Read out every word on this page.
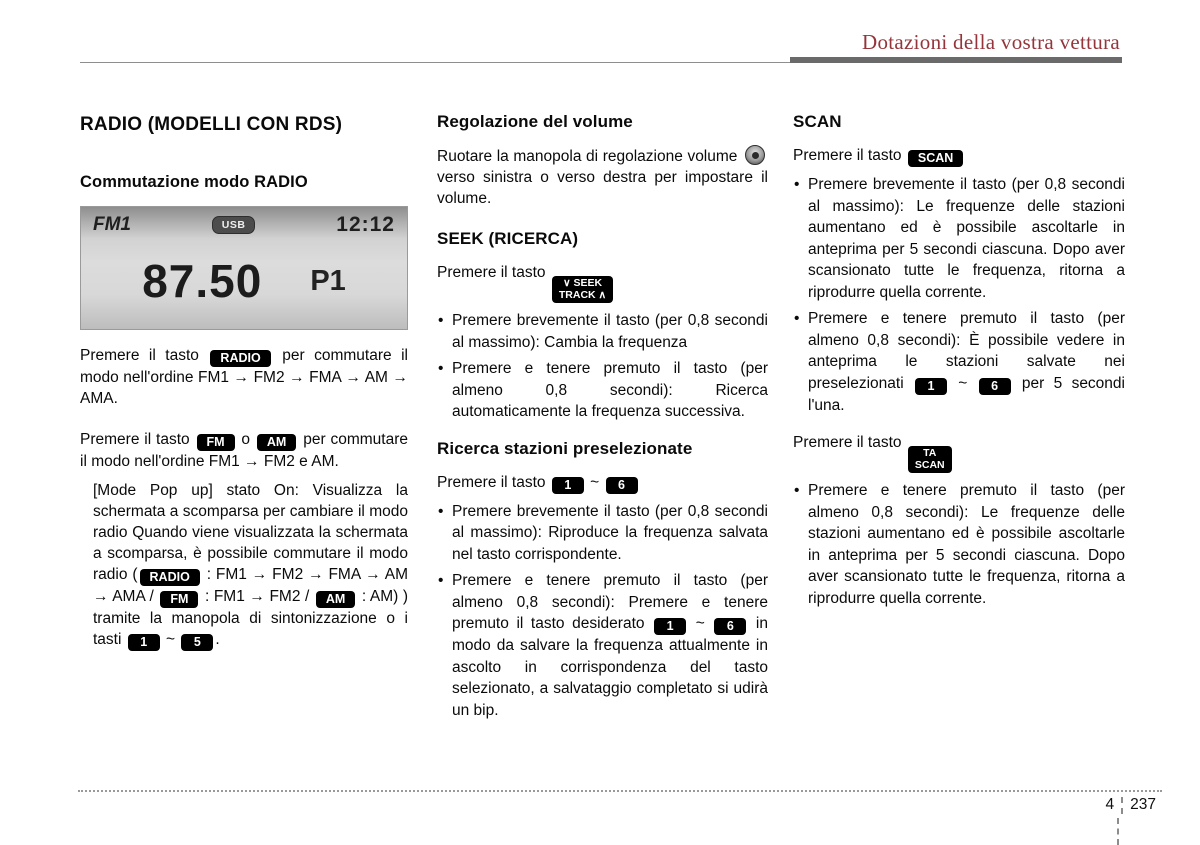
Dotazioni della vostra vettura
RADIO (MODELLI CON RDS)
Commutazione modo RADIO
FM1	USB	12:12
87.50 P1

Premere il tasto RADIO per commutare il modo nell'ordine FM1 → FM2 → FMA → AM → AMA.

Premere il tasto FM o AM per commutare il modo nell'ordine FM1 → FM2 e AM.

[Mode Pop up] stato On: Visualizza la schermata a scomparsa per cambiare il modo radio Quando viene visualizzata la schermata a scomparsa, è possibile commutare il modo radio ( RADIO : FM1 → FM2 → FMA → AM → AMA / FM : FM1 → FM2 / AM : AM) ) tramite la manopola di sintonizzazione o i tasti 1 ~ 5 .

Regolazione del volume

Ruotare la manopola di regolazione volume
verso sinistra o verso destra per impostare il volume.

SEEK (RICERCA)

Premere il tasto
∨ SEEK
TRACK ∧

• Premere brevemente il tasto (per 0,8 secondi al massimo): Cambia la frequenza
• Premere e tenere premuto il tasto (per almeno 0,8 secondi): Ricerca automaticamente la frequenza successiva.
Ricerca stazioni preselezionate

Premere il tasto 1 ~ 6

• Premere brevemente il tasto (per 0,8 secondi al massimo): Riproduce la frequenza salvata nel tasto corrispondente.
• Premere e tenere premuto il tasto (per almeno 0,8 secondi): Premere e tenere premuto il tasto desiderato 1 ~ 6 in modo da salvare la frequenza attualmente in ascolto in corrispondenza del tasto selezionato, a salvataggio completato si udirà un bip.
SCAN

Premere il tasto SCAN

• Premere brevemente il tasto (per 0,8 secondi al massimo): Le frequenze delle stazioni aumentano ed è possibile ascoltarle in anteprima per 5 secondi ciascuna. Dopo aver scansionato tutte le frequenza, ritorna a riprodurre quella corrente.
• Premere e tenere premuto il tasto (per almeno 0,8 secondi): È possibile vedere in anteprima le stazioni salvate nei preselezionati 1 ~ 6 per 5 secondi l'una.

Premere il tasto
TA
SCAN

• Premere e tenere premuto il tasto (per almeno 0,8 secondi): Le frequenze delle stazioni aumentano ed è possibile ascoltarle in anteprima per 5 secondi ciascuna. Dopo aver scansionato tutte le frequenza, ritorna a riprodurre quella corrente.
4 237
